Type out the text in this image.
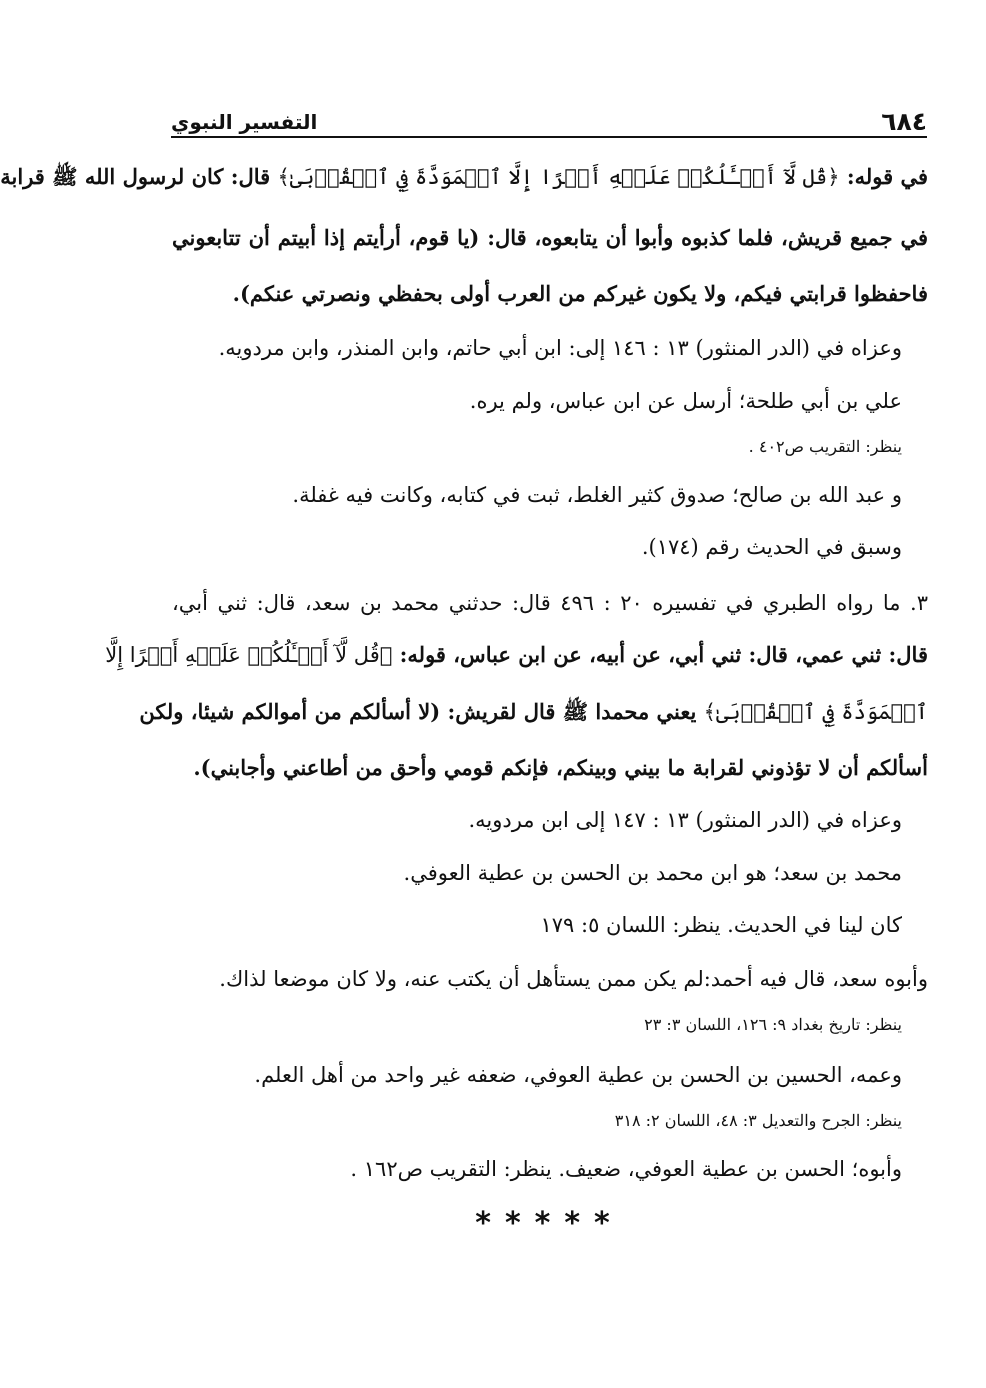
٦٨٤
التفسير النبوي
في قوله: ﴿قُل لَّآ أَسۡـَٔلُكُمۡ عَلَيۡهِ أَجۡرًا إِلَّا ٱلۡمَوَدَّةَ فِي ٱلۡقُرۡبَىٰ﴾ قال: كان لرسول الله ﷺ قرابة
في جميع قريش، فلما كذبوه وأبوا أن يتابعوه، قال: (يا قوم، أرأيتم إذا أبيتم أن تتابعوني
فاحفظوا قرابتي فيكم، ولا يكون غيركم من العرب أولى بحفظي ونصرتي عنكم).
وعزاه في (الدر المنثور) ١٣ : ١٤٦ إلى: ابن أبي حاتم، وابن المنذر، وابن مردويه.
علي بن أبي طلحة؛ أرسل عن ابن عباس، ولم يره.
ينظر: التقريب ص٤٠٢ .
و عبد الله بن صالح؛ صدوق كثير الغلط، ثبت في كتابه، وكانت فيه غفلة.
وسبق في الحديث رقم (١٧٤).
٣. ما رواه الطبري في تفسيره ٢٠ : ٤٩٦ قال: حدثني محمد بن سعد، قال: ثني أبي،
قال: ثني عمي، قال: ثني أبي، عن أبيه، عن ابن عباس، قوله: ﴿قُل لَّآ أَسۡـَٔلُكُمۡ عَلَيۡهِ أَجۡرًا إِلَّا
ٱلۡمَوَدَّةَ فِي ٱلۡقُرۡبَىٰ﴾ يعني محمدا ﷺ قال لقريش: (لا أسألكم من أموالكم شيئا، ولكن
أسألكم أن لا تؤذوني لقرابة ما بيني وبينكم، فإنكم قومي وأحق من أطاعني وأجابني).
وعزاه في (الدر المنثور) ١٣ : ١٤٧ إلى ابن مردويه.
محمد بن سعد؛ هو ابن محمد بن الحسن بن عطية العوفي.
كان لينا في الحديث. ينظر: اللسان ٥: ١٧٩
وأبوه سعد، قال فيه أحمد:لم يكن ممن يستأهل أن يكتب عنه، ولا كان موضعا لذاك.
ينظر: تاريخ بغداد ٩: ١٢٦، اللسان ٣: ٢٣
وعمه، الحسين بن الحسن بن عطية العوفي، ضعفه غير واحد من أهل العلم.
ينظر: الجرح والتعديل ٣: ٤٨، اللسان ٢: ٣١٨
وأبوه؛ الحسن بن عطية العوفي، ضعيف. ينظر: التقريب ص١٦٢ .
*****
